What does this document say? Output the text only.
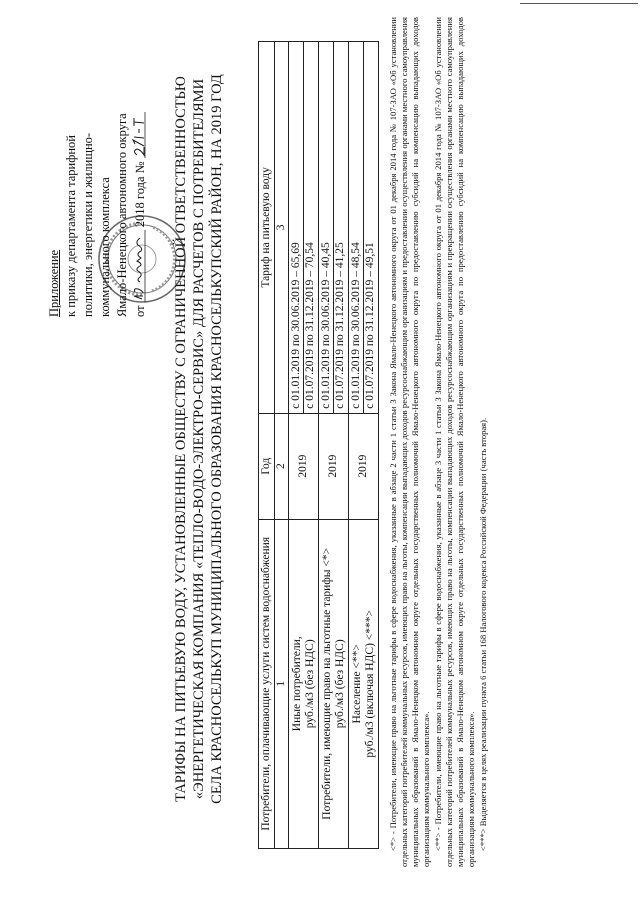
Приложение к приказу департамента тарифной политики, энергетики и жилищно- коммунального комплекса Ямало-Ненецкого автономного округа от  2018 года № ТАРИФЫ НА ПИТЬЕВУЮ ВОДУ, УСТАНОВЛЕННЫЕ ОБЩЕСТВУ С ОГРАНИЧЕННОЙ ОТВЕТСТВЕННОСТЬЮ «ЭНЕРГЕТИЧЕСКАЯ КОМПАНИЯ «ТЕПЛО-ВОДО-ЭЛЕКТРО-СЕРВИС» ДЛЯ РАСЧЕТОВ С ПОТРЕБИТЕЛЯМИ СЕЛА КРАСНОСЕЛЬКУП МУНИЦИПАЛЬНОГО ОБРАЗОВАНИЯ КРАСНОСЕЛЬКУПСКИЙ РАЙОН, НА 2019 ГОД	Потребители, оплачивающие услуги систем водоснабжения	Год	Тариф на питьевую воду
1	2	3

Иные потребители, руб./м3 (без НДС)	2019	с 01.01.2019 по 30.06.2019 – 65,69 с 01.07.2019 по 31.12.2019 – 70,54

Потребители, имеющие право на льготные тарифы <*> руб./м3 (без НДС)	2019	с 01.01.2019 по 30.06.2019 – 40,45 с 01.07.2019 по 31.12.2019 – 41,25

Население <**> руб./м3 (включая НДС) <***>	2019	с 01.01.2019 по 30.06.2019 – 48,54 с 01.07.2019 по 31.12.2019 – 49,51 <*> - Потребители, имеющие право на льготные тарифы в сфере водоснабжения, указанные в абзаце 2 части 1 статьи 3 Закона Ямало-Ненецкого автономного округа от 01 декабря 2014 года № 107-ЗАО «Об установлении отдельных категорий потребителей коммунальных ресурсов, имеющих право на льготы, компенсации выпадающих доходов ресурсоснабжающим организациям и предоставлении осуществления органами местного самоуправления муниципальных образований в Ямало-Ненецком автономном округе отдельных государственных полномочий Ямало-Ненецкого автономного округа по предоставлению субсидий на компенсацию выпадающих доходов организациям коммунального комплекса». <**> - Потребители, имеющие право на льготные тарифы в сфере водоснабжения, указанные в абзаце 3 части 1 статьи 3 Закона Ямало-Ненецкого автономного округа от 01 декабря 2014 года № 107-ЗАО «Об установлении отдельных категорий потребителей коммунальных ресурсов, имеющих право на льготы, компенсации выпадающих доходов ресурсоснабжающим организациям и прекращении осуществления органами местного самоуправления муниципальных образований в Ямало-Ненецком автономном округе отдельных государственных полномочий Ямало-Ненецкого автономного округа по предоставлению субсидий на компенсацию выпадающих доходов организациям коммунального комплекса». <***> Выделяется в целях реализации пункта 6 статьи 168 Налогового кодекса Российской Федерации (часть вторая).
